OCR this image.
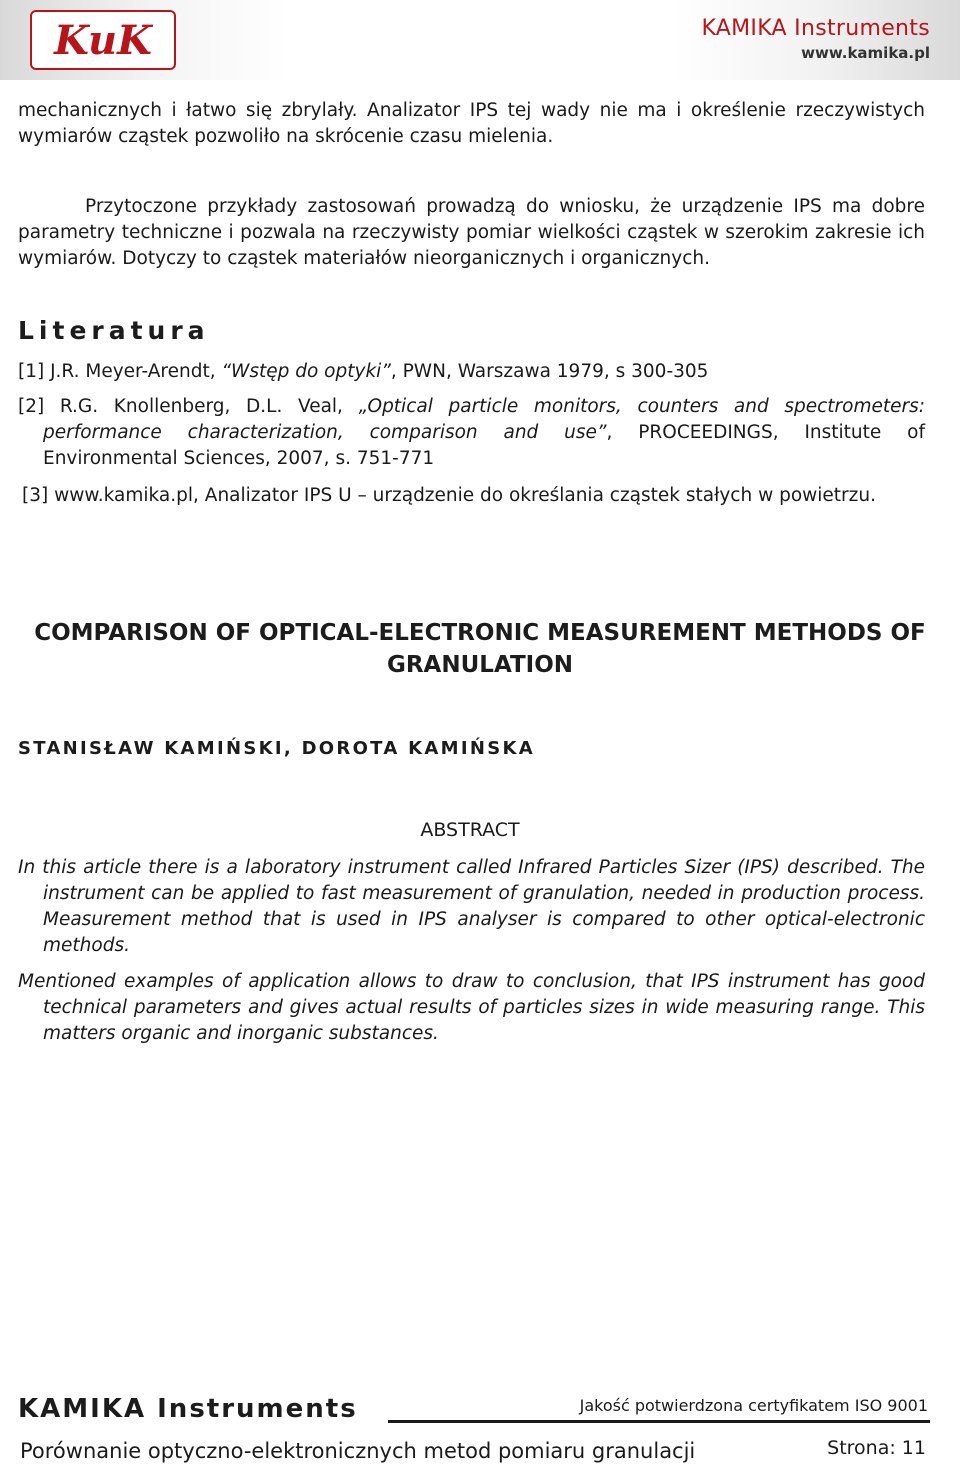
KuK	KAMIKA Instruments
www.kamika.pl

mechanicznych i łatwo się zbrylały. Analizator IPS tej wady nie ma i określenie rzeczywistych wymiarów cząstek pozwoliło na skrócenie czasu mielenia.

Przytoczone przykłady zastosowań prowadzą do wniosku, że urządzenie IPS ma dobre parametry techniczne i pozwala na rzeczywisty pomiar wielkości cząstek w szerokim zakresie ich wymiarów. Dotyczy to cząstek materiałów nieorganicznych i organicznych.

Literatura

[1] J.R. Meyer-Arendt, “Wstęp do optyki”, PWN, Warszawa 1979, s 300-305

[2] R.G. Knollenberg, D.L. Veal, „Optical particle monitors, counters and spectrometers: performance characterization, comparison and use”, PROCEEDINGS, Institute of Environmental Sciences, 2007, s. 751-771

[3] www.kamika.pl, Analizator IPS U – urządzenie do określania cząstek stałych w powietrzu.

COMPARISON OF OPTICAL-ELECTRONIC MEASUREMENT METHODS OF GRANULATION
STANISŁAW KAMIŃSKI, DOROTA KAMIŃSKA
ABSTRACT

In this article there is a laboratory instrument called Infrared Particles Sizer (IPS) described. The instrument can be applied to fast measurement of granulation, needed in production process. Measurement method that is used in IPS analyser is compared to other optical-electronic methods.

Mentioned examples of application allows to draw to conclusion, that IPS instrument has good technical parameters and gives actual results of particles sizes in wide measuring range. This matters organic and inorganic substances.

KAMIKA Instruments	Jakość potwierdzona certyfikatem ISO 9001
Porównanie optyczno-elektronicznych metod pomiaru granulacji	Strona: 11
